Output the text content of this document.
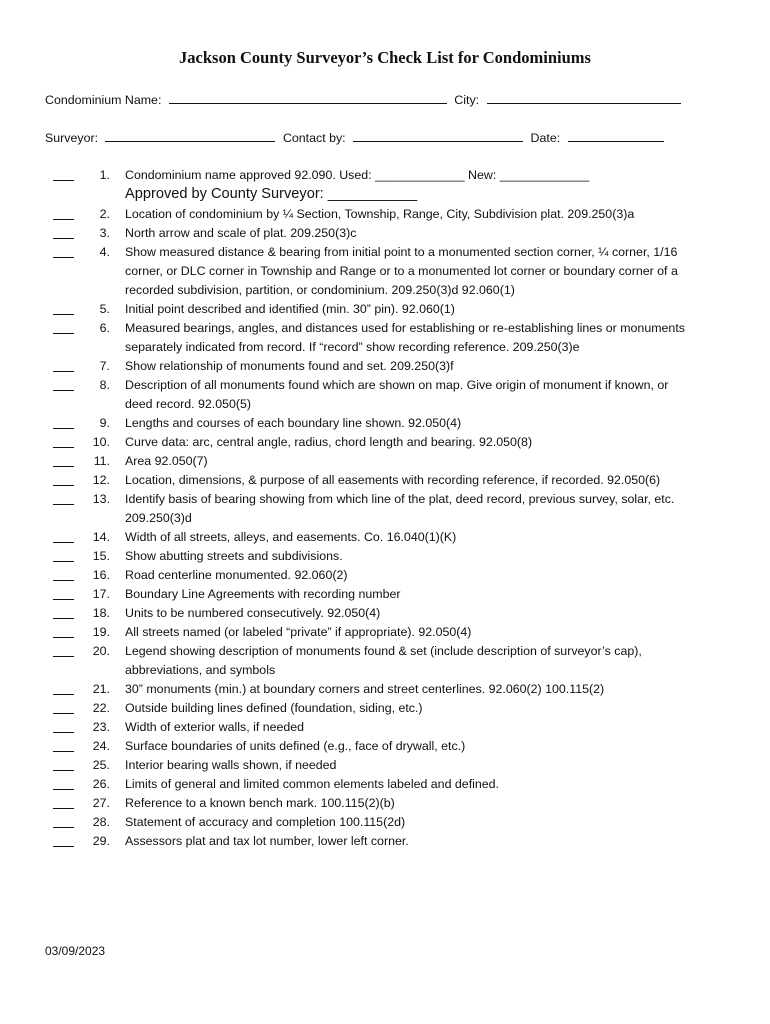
Jackson County Surveyor’s Check List for Condominiums
Condominium Name:	City:
Surveyor:	Contact by:	Date:
1. Condominium name approved 92.090. Used: _____________ New: _____________
Approved by County Surveyor: ___________
2. Location of condominium by ¼ Section, Township, Range, City, Subdivision plat. 209.250(3)a
3. North arrow and scale of plat. 209.250(3)c
4. Show measured distance & bearing from initial point to a monumented section corner, ¼ corner, 1/16 corner, or DLC corner in Township and Range or to a monumented lot corner or boundary corner of a recorded subdivision, partition, or condominium. 209.250(3)d 92.060(1)
5. Initial point described and identified (min. 30” pin). 92.060(1)
6. Measured bearings, angles, and distances used for establishing or re-establishing lines or monuments separately indicated from record. If “record” show recording reference. 209.250(3)e
7. Show relationship of monuments found and set. 209.250(3)f
8. Description of all monuments found which are shown on map. Give origin of monument if known, or deed record. 92.050(5)
9. Lengths and courses of each boundary line shown. 92.050(4)
10. Curve data: arc, central angle, radius, chord length and bearing. 92.050(8)
11. Area 92.050(7)
12. Location, dimensions, & purpose of all easements with recording reference, if recorded. 92.050(6)
13. Identify basis of bearing showing from which line of the plat, deed record, previous survey, solar, etc. 209.250(3)d
14. Width of all streets, alleys, and easements. Co. 16.040(1)(K)
15. Show abutting streets and subdivisions.
16. Road centerline monumented. 92.060(2)
17. Boundary Line Agreements with recording number
18. Units to be numbered consecutively. 92.050(4)
19. All streets named (or labeled “private” if appropriate). 92.050(4)
20. Legend showing description of monuments found & set (include description of surveyor’s cap), abbreviations, and symbols
21. 30” monuments (min.) at boundary corners and street centerlines. 92.060(2) 100.115(2)
22. Outside building lines defined (foundation, siding, etc.)
23. Width of exterior walls, if needed
24. Surface boundaries of units defined (e.g., face of drywall, etc.)
25. Interior bearing walls shown, if needed
26. Limits of general and limited common elements labeled and defined.
27. Reference to a known bench mark. 100.115(2)(b)
28. Statement of accuracy and completion 100.115(2d)
29. Assessors plat and tax lot number, lower left corner.
03/09/2023
